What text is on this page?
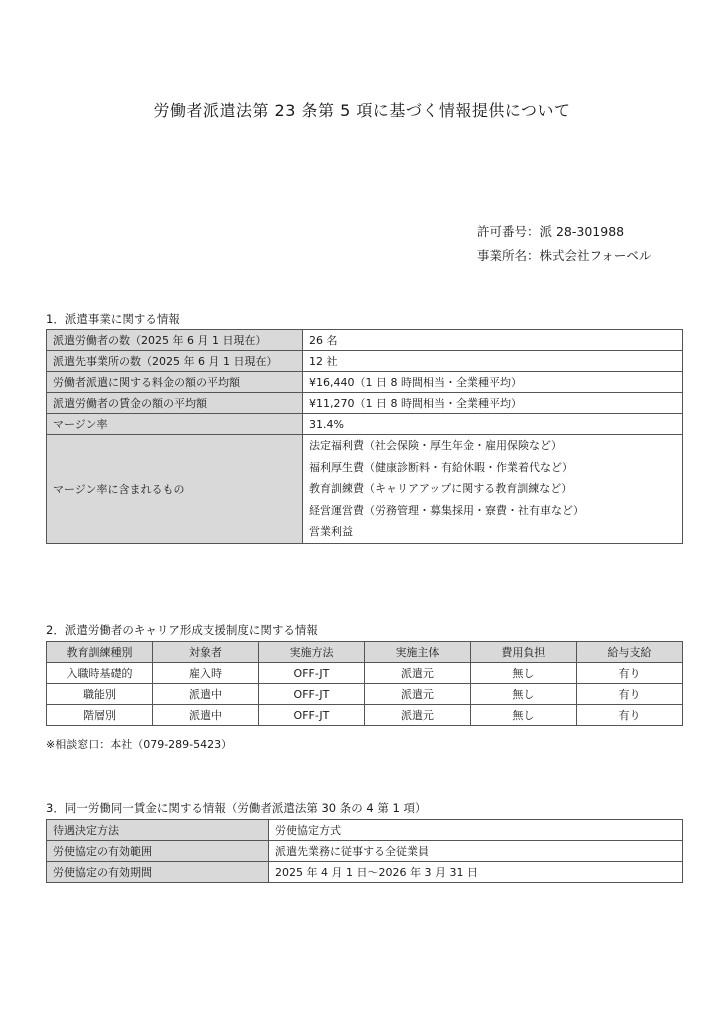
労働者派遣法第 23 条第 5 項に基づく情報提供について
許可番号：派 28-301988
事業所名：株式会社フォーベル
1．派遣事業に関する情報
派遣労働者の数（2025 年 6 月 1 日現在）	26 名
派遣先事業所の数（2025 年 6 月 1 日現在）	12 社
労働者派遣に関する料金の額の平均額	¥16,440（1 日 8 時間相当・全業種平均）
派遣労働者の賃金の額の平均額	¥11,270（1 日 8 時間相当・全業種平均）
マージン率	31.4%
マージン率に含まれるもの	法定福利費（社会保険・厚生年金・雇用保険など）
福利厚生費（健康診断料・有給休暇・作業着代など）
教育訓練費（キャリアアップに関する教育訓練など）
経営運営費（労務管理・募集採用・寮費・社有車など）
営業利益
2．派遣労働者のキャリア形成支援制度に関する情報
教育訓練種別	対象者	実施方法	実施主体	費用負担	給与支給
入職時基礎的	雇入時	OFF-JT	派遣元	無し	有り
職能別	派遣中	OFF-JT	派遣元	無し	有り
階層別	派遣中	OFF-JT	派遣元	無し	有り
※相談窓口：本社（079-289-5423）
3．同一労働同一賃金に関する情報（労働者派遣法第 30 条の 4 第 1 項）
待遇決定方法	労使協定方式
労使協定の有効範囲	派遣先業務に従事する全従業員
労使協定の有効期間	2025 年 4 月 1 日～2026 年 3 月 31 日
